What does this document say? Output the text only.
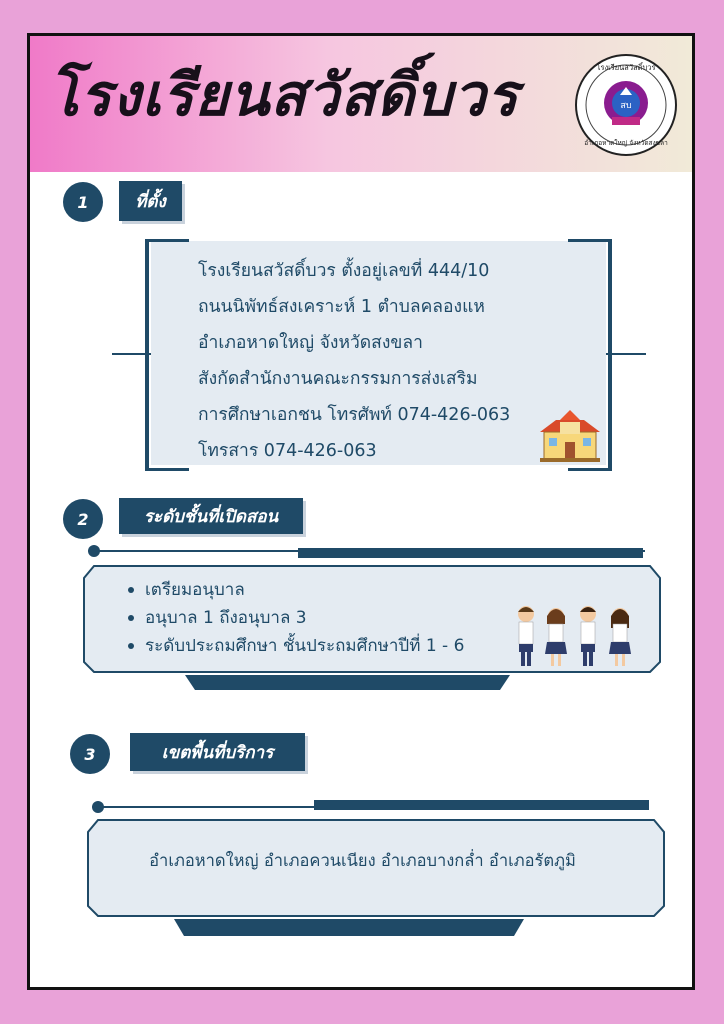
โรงเรียนสวัสดิ์บวร	สบ
โรงเรียนสวัสดิ์บวร
อำเภอหาดใหญ่ จังหวัดสงขลา
1	ที่ตั้ง
โรงเรียนสวัสดิ์บวร ตั้งอยู่เลขที่ 444/10
ถนนนิพัทธ์สงเคราะห์ 1 ตำบลคลองแห
อำเภอหาดใหญ่ จังหวัดสงขลา
สังกัดสำนักงานคณะกรรมการส่งเสริม
การศึกษาเอกชน โทรศัพท์ 074-426-063
โทรสาร 074-426-063
2	ระดับชั้นที่เปิดสอน
เตรียมอนุบาล
อนุบาล 1 ถึงอนุบาล 3
ระดับประถมศึกษา ชั้นประถมศึกษาปีที่ 1 - 6
3	เขตพื้นที่บริการ
อำเภอหาดใหญ่ อำเภอควนเนียง อำเภอบางกล่ำ อำเภอรัตภูมิ
